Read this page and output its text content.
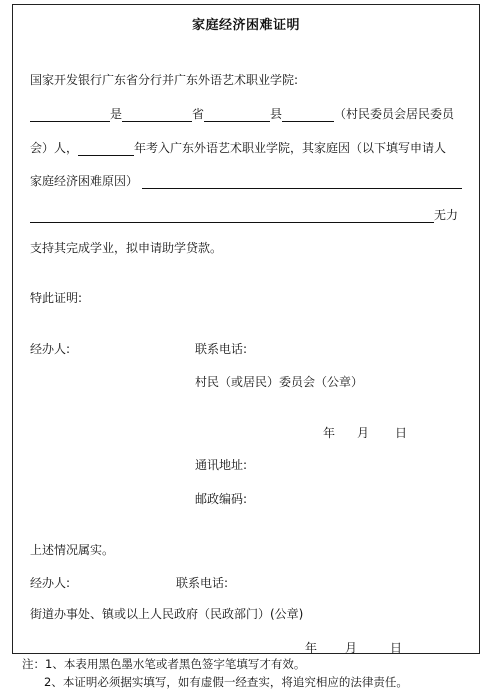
家庭经济困难证明
国家开发银行广东省分行并广东外语艺术职业学院:
是	省	县	（村民委员会居民委员
会）人，	年考入广东外语艺术职业学院，其家庭因（以下填写申请人
家庭经济困难原因）
无力
支持其完成学业，拟申请助学贷款。
特此证明:
经办人:	联系电话:
村民（或居民）委员会（公章）
年 月 日
通讯地址:
邮政编码:
上述情况属实。
经办人:	联系电话:
街道办事处、镇或以上人民政府（民政部门）(公章)
年 月	日
注：1、本表用黑色墨水笔或者黑色签字笔填写才有效。
2、本证明必须据实填写，如有虚假一经查实，将追究相应的法律责任。
